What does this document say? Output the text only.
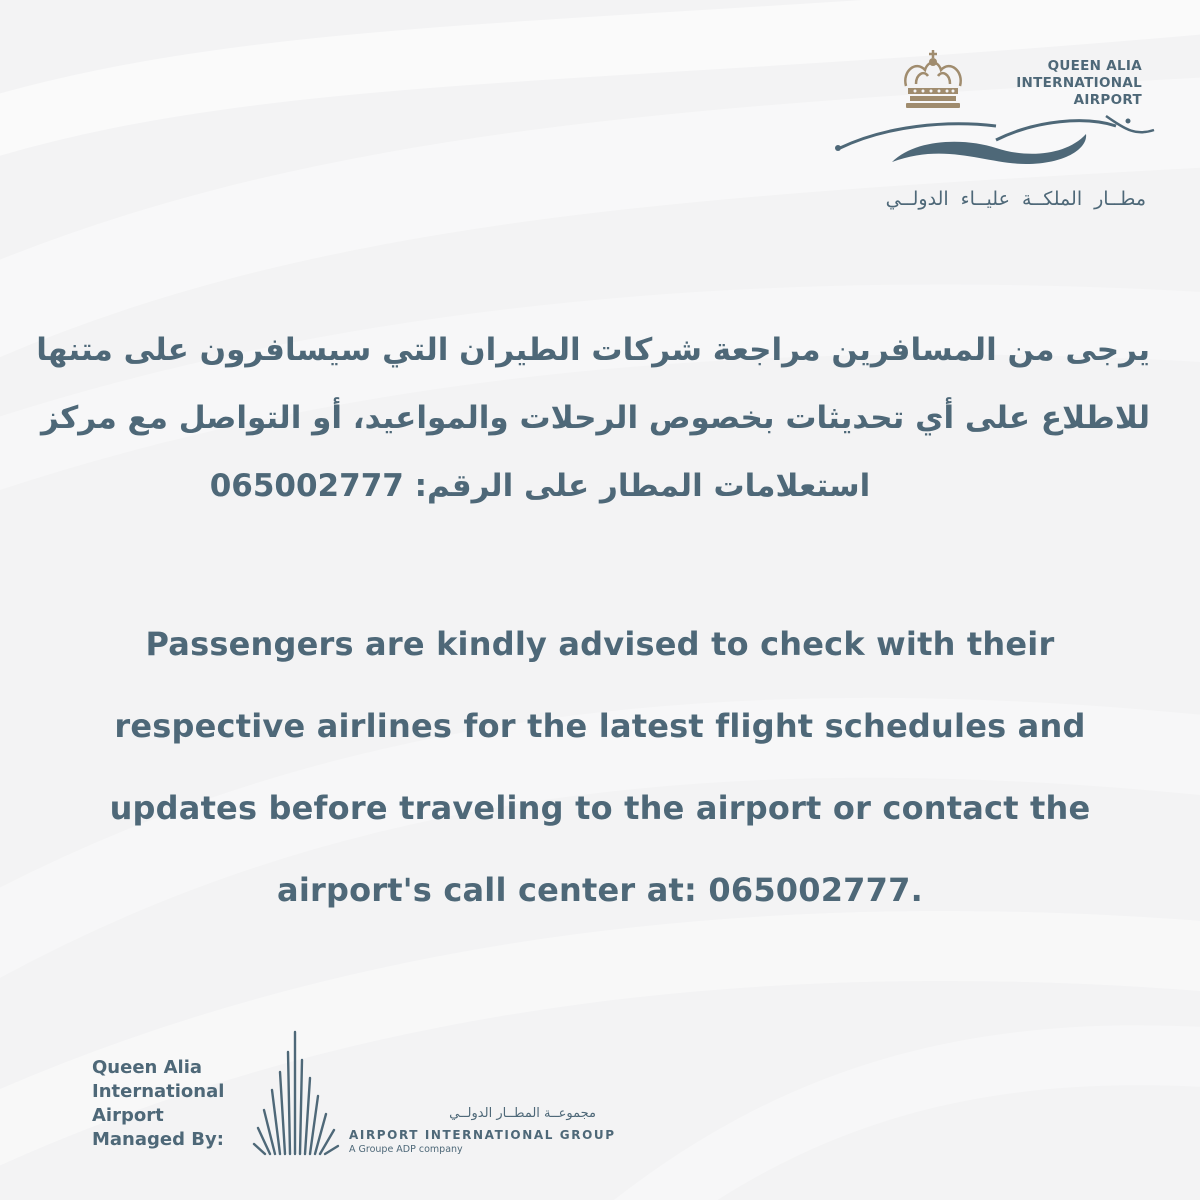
QUEEN ALIA
INTERNATIONAL
AIRPORT
مطــار الملكــة عليــاء الدولــي

يرجى من المسافرين مراجعة شركات الطيران التي سيسافرون على متنها

للاطلاع على أي تحديثات بخصوص الرحلات والمواعيد، أو التواصل مع مركز

استعلامات المطار على الرقم: 065002777

Passengers are kindly advised to check with their

respective airlines for the latest flight schedules and

updates before traveling to the airport or contact the

airport's call center at: 065002777.

Queen Alia
International
Airport
Managed By:
مجموعــة المطــار الدولــي
AIRPORT INTERNATIONAL GROUP
A Groupe ADP company
